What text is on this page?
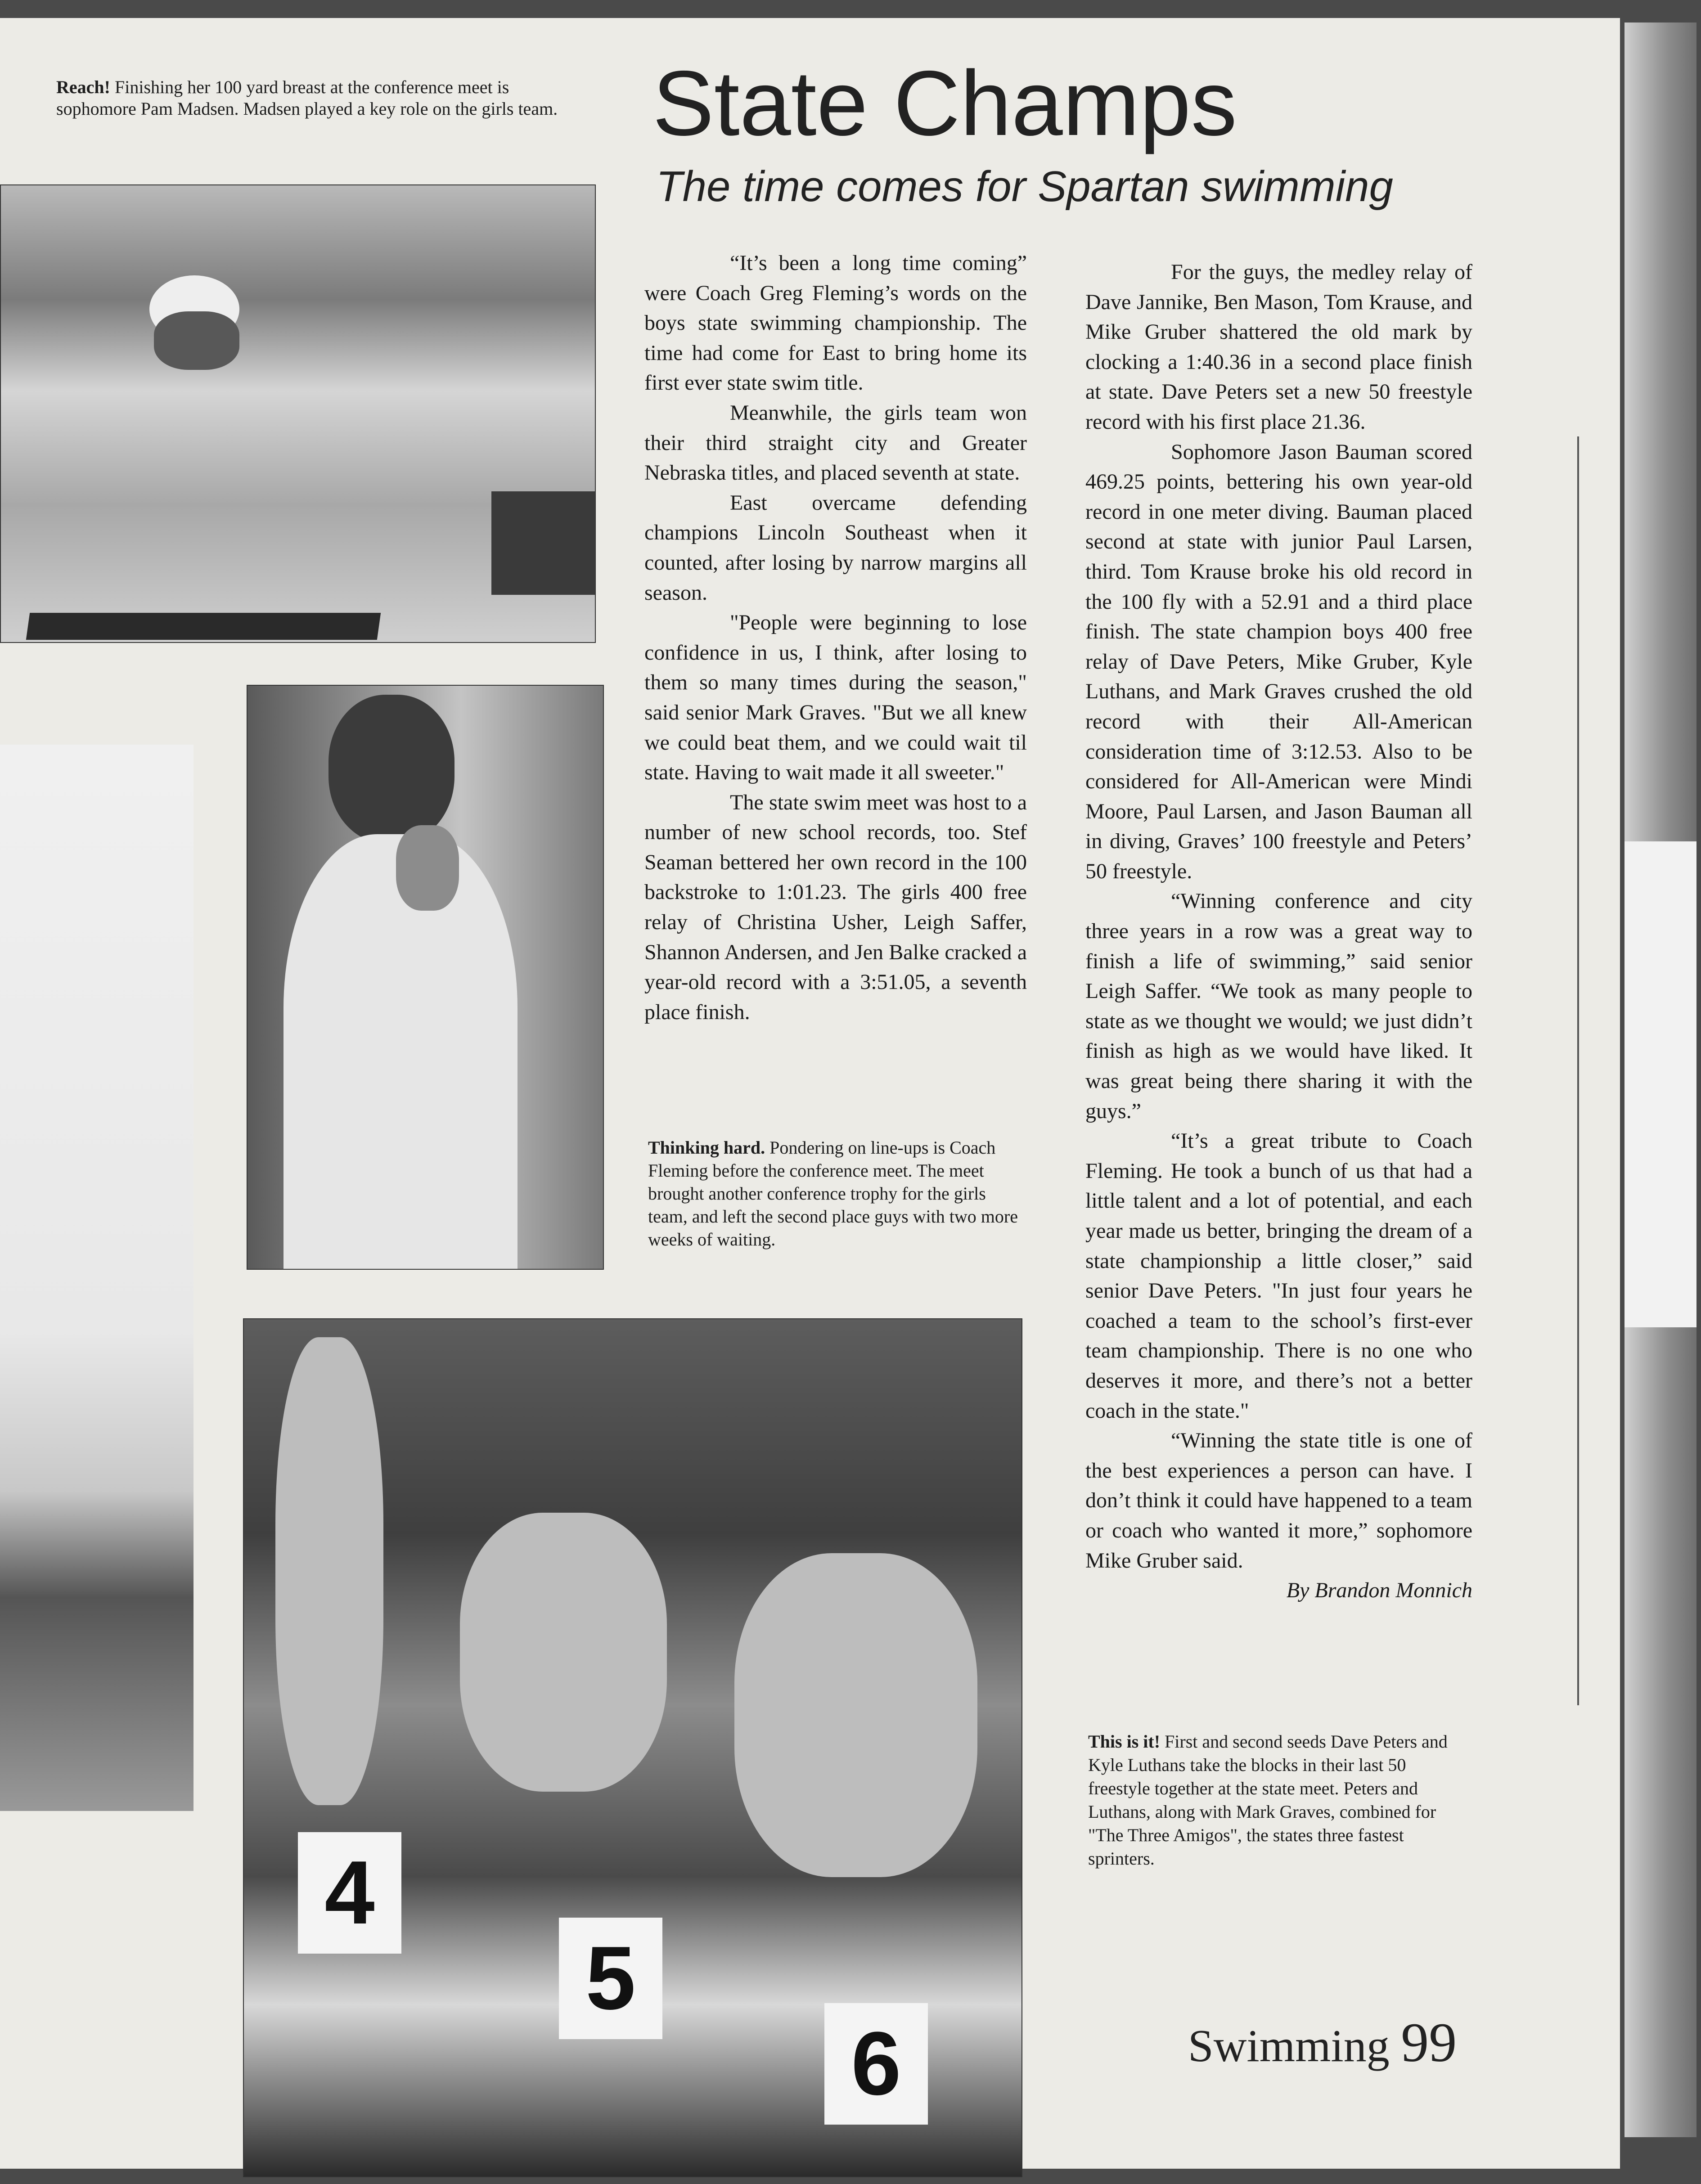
4
5
6

Reach! Finishing her 100 yard breast at the conference meet is sophomore Pam Madsen. Madsen played a key role on the girls team.

Thinking hard. Pondering on line-ups is Coach Fleming before the conference meet. The meet brought another conference trophy for the girls team, and left the second place guys with two more weeks of waiting.

This is it! First and second seeds Dave Peters and Kyle Luthans take the blocks in their last 50 freestyle together at the state meet. Peters and Luthans, along with Mark Graves, combined for "The Three Amigos", the states three fastest sprinters.

State Champs
The time comes for Spartan swimming

“It’s been a long time coming” were Coach Greg Fleming’s words on the boys state swimming championship. The time had come for East to bring home its first ever state swim title.

Meanwhile, the girls team won their third straight city and Greater Nebraska titles, and placed seventh at state.

East overcame defending champions Lincoln Southeast when it counted, after losing by narrow margins all season.

"People were beginning to lose confidence in us, I think, after losing to them so many times during the season," said senior Mark Graves. "But we all knew we could beat them, and we could wait til state. Having to wait made it all sweeter."

The state swim meet was host to a number of new school records, too. Stef Seaman bettered her own record in the 100 backstroke to 1:01.23. The girls 400 free relay of Christina Usher, Leigh Saffer, Shannon Andersen, and Jen Balke cracked a year-old record with a 3:51.05, a seventh place finish.

For the guys, the medley relay of Dave Jannike, Ben Mason, Tom Krause, and Mike Gruber shattered the old mark by clocking a 1:40.36 in a second place finish at state. Dave Peters set a new 50 freestyle record with his first place 21.36.

Sophomore Jason Bauman scored 469.25 points, bettering his own year-old record in one meter diving. Bauman placed second at state with junior Paul Larsen, third. Tom Krause broke his old record in the 100 fly with a 52.91 and a third place finish. The state champion boys 400 free relay of Dave Peters, Mike Gruber, Kyle Luthans, and Mark Graves crushed the old record with their All-American consideration time of 3:12.53. Also to be considered for All-American were Mindi Moore, Paul Larsen, and Jason Bauman all in diving, Graves’ 100 freestyle and Peters’ 50 freestyle.

“Winning conference and city three years in a row was a great way to finish a life of swimming,” said senior Leigh Saffer. “We took as many people to state as we thought we would; we just didn’t finish as high as we would have liked. It was great being there sharing it with the guys.”

“It’s a great tribute to Coach Fleming. He took a bunch of us that had a little talent and a lot of potential, and each year made us better, bringing the dream of a state championship a little closer,” said senior Dave Peters. "In just four years he coached a team to the school’s first-ever team championship. There is no one who deserves it more, and there’s not a better coach in the state."

“Winning the state title is one of the best experiences a person can have. I don’t think it could have happened to a team or coach who wanted it more,” sophomore Mike Gruber said.

By Brandon Monnich

Swimming 99
